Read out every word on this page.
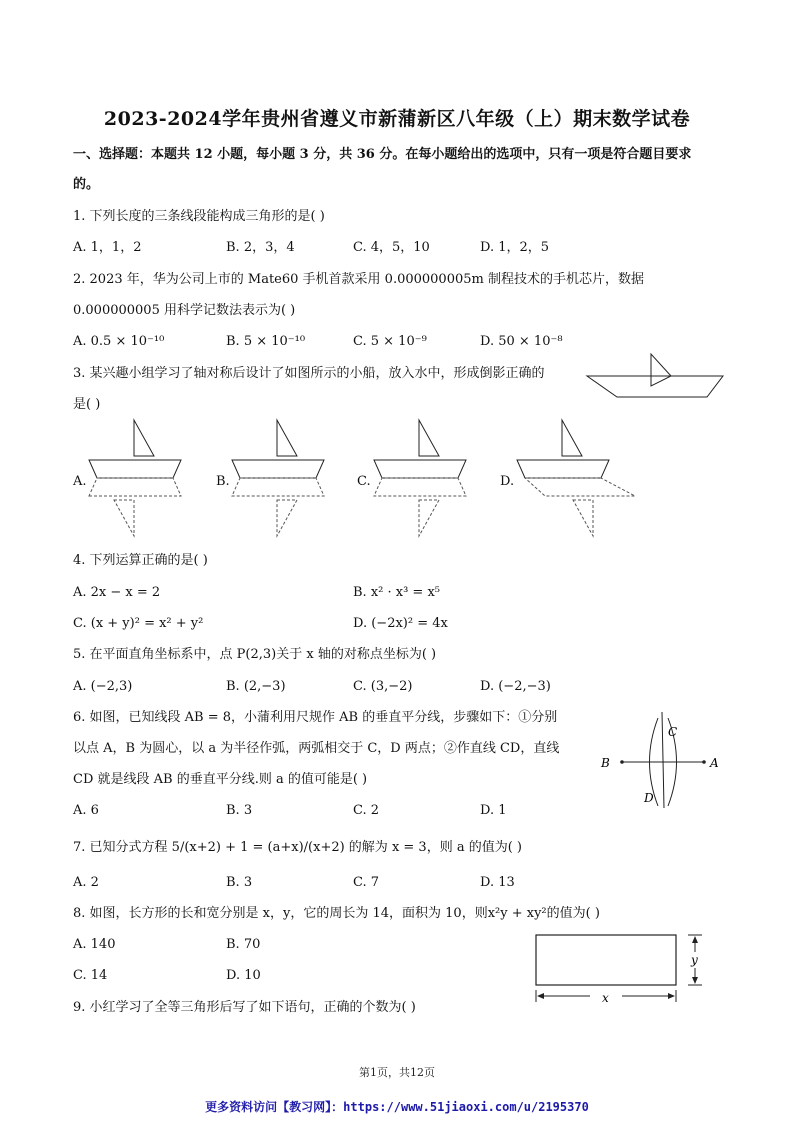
2023-2024学年贵州省遵义市新蒲新区八年级（上）期末数学试卷
一、选择题：本题共 12 小题，每小题 3 分，共 36 分。在每小题给出的选项中，只有一项是符合题目要求
的。
1. 下列长度的三条线段能构成三角形的是( )
A. 1，1，2	B. 2，3，4	C. 4，5，10	D. 1，2，5
2. 2023 年，华为公司上市的 Mate60 手机首款采用 0.000000005m 制程技术的手机芯片，数据
0.000000005 用科学记数法表示为( )
A. 0.5 × 10⁻¹⁰	B. 5 × 10⁻¹⁰	C. 5 × 10⁻⁹	D. 50 × 10⁻⁸
3. 某兴趣小组学习了轴对称后设计了如图所示的小船，放入水中，形成倒影正确的
是( )
A.	B.	C.	D.
4. 下列运算正确的是( )
A. 2x − x = 2	B. x² · x³ = x⁵
C. (x + y)² = x² + y²	D. (−2x)² = 4x
5. 在平面直角坐标系中，点 P(2,3)关于 x 轴的对称点坐标为( )
A. (−2,3)	B. (2,−3)	C. (3,−2)	D. (−2,−3)
6. 如图，已知线段 AB = 8，小蒲利用尺规作 AB 的垂直平分线，步骤如下：①分别
以点 A，B 为圆心，以 a 为半径作弧，两弧相交于 C，D 两点；②作直线 CD，直线
CD 就是线段 AB 的垂直平分线.则 a 的值可能是( )
A. 6	B. 3	C. 2	D. 1
B	A
C
D
7. 已知分式方程 5/(x+2) + 1 = (a+x)/(x+2) 的解为 x = 3，则 a 的值为( )
A. 2	B. 3	C. 7	D. 13
8. 如图，长方形的长和宽分别是 x，y，它的周长为 14，面积为 10，则x²y + xy²的值为( )
A. 140	B. 70
C. 14	D. 10
y
x
9. 小红学习了全等三角形后写了如下语句，正确的个数为( )
第1页，共12页
更多资料访问【教习网】：https://www.51jiaoxi.com/u/2195370
